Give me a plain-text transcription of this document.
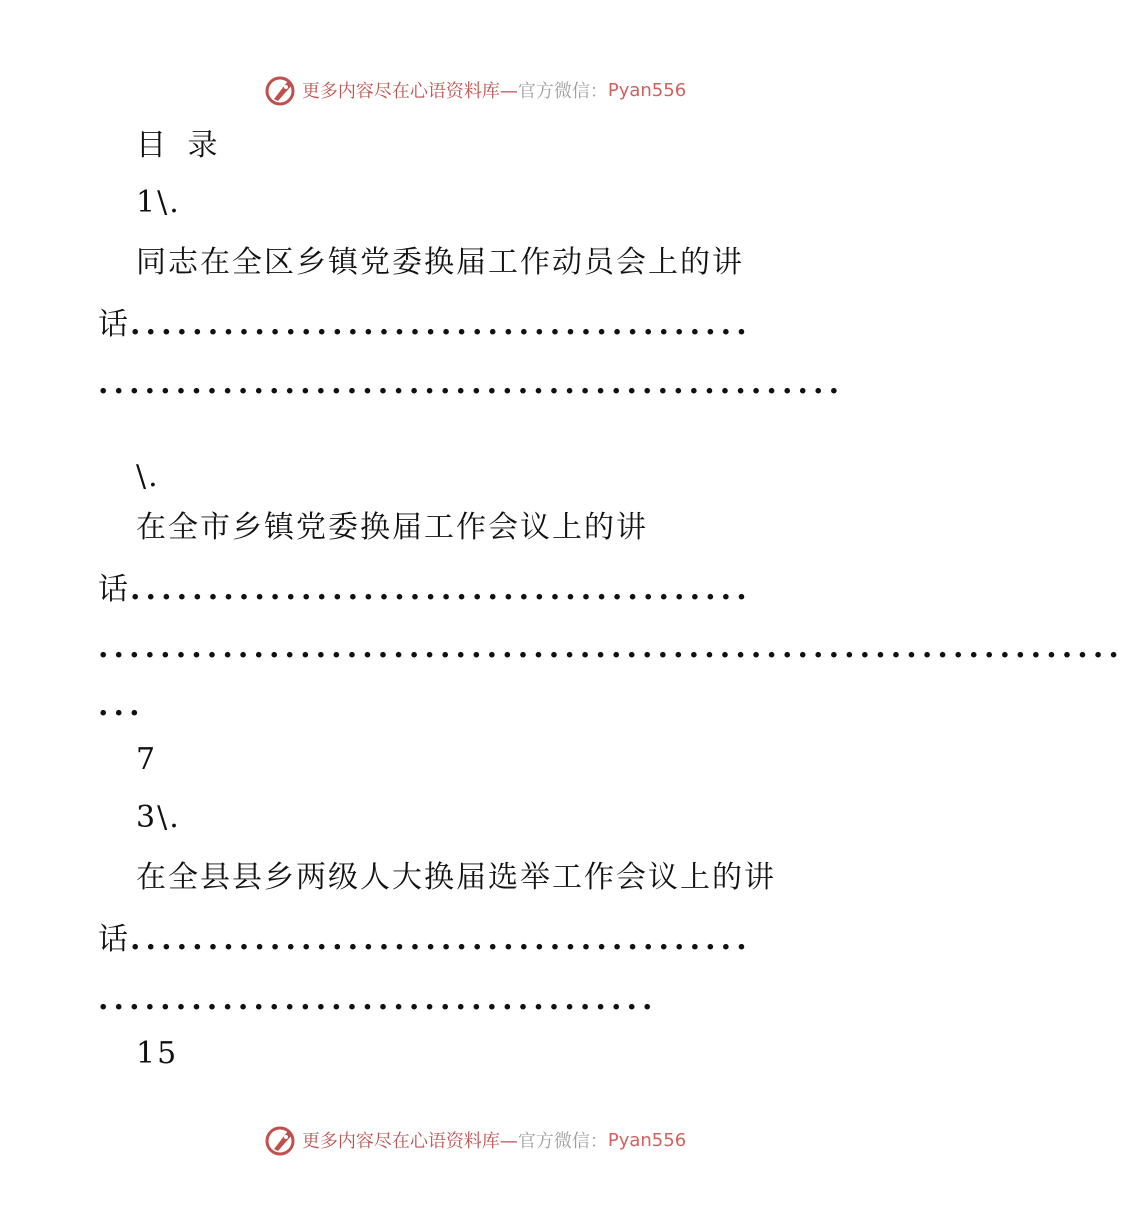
更多内容尽在心语资料库— 官方微信： Pyan556
目 录
1\.
同志在全区乡镇党委换届工作动员会上的讲
话........................................
................................................
\.
在全市乡镇党委换届工作会议上的讲
话........................................
..................................................................
...
7
3\.
在全县县乡两级人大换届选举工作会议上的讲
话........................................
....................................
15
更多内容尽在心语资料库— 官方微信： Pyan556
